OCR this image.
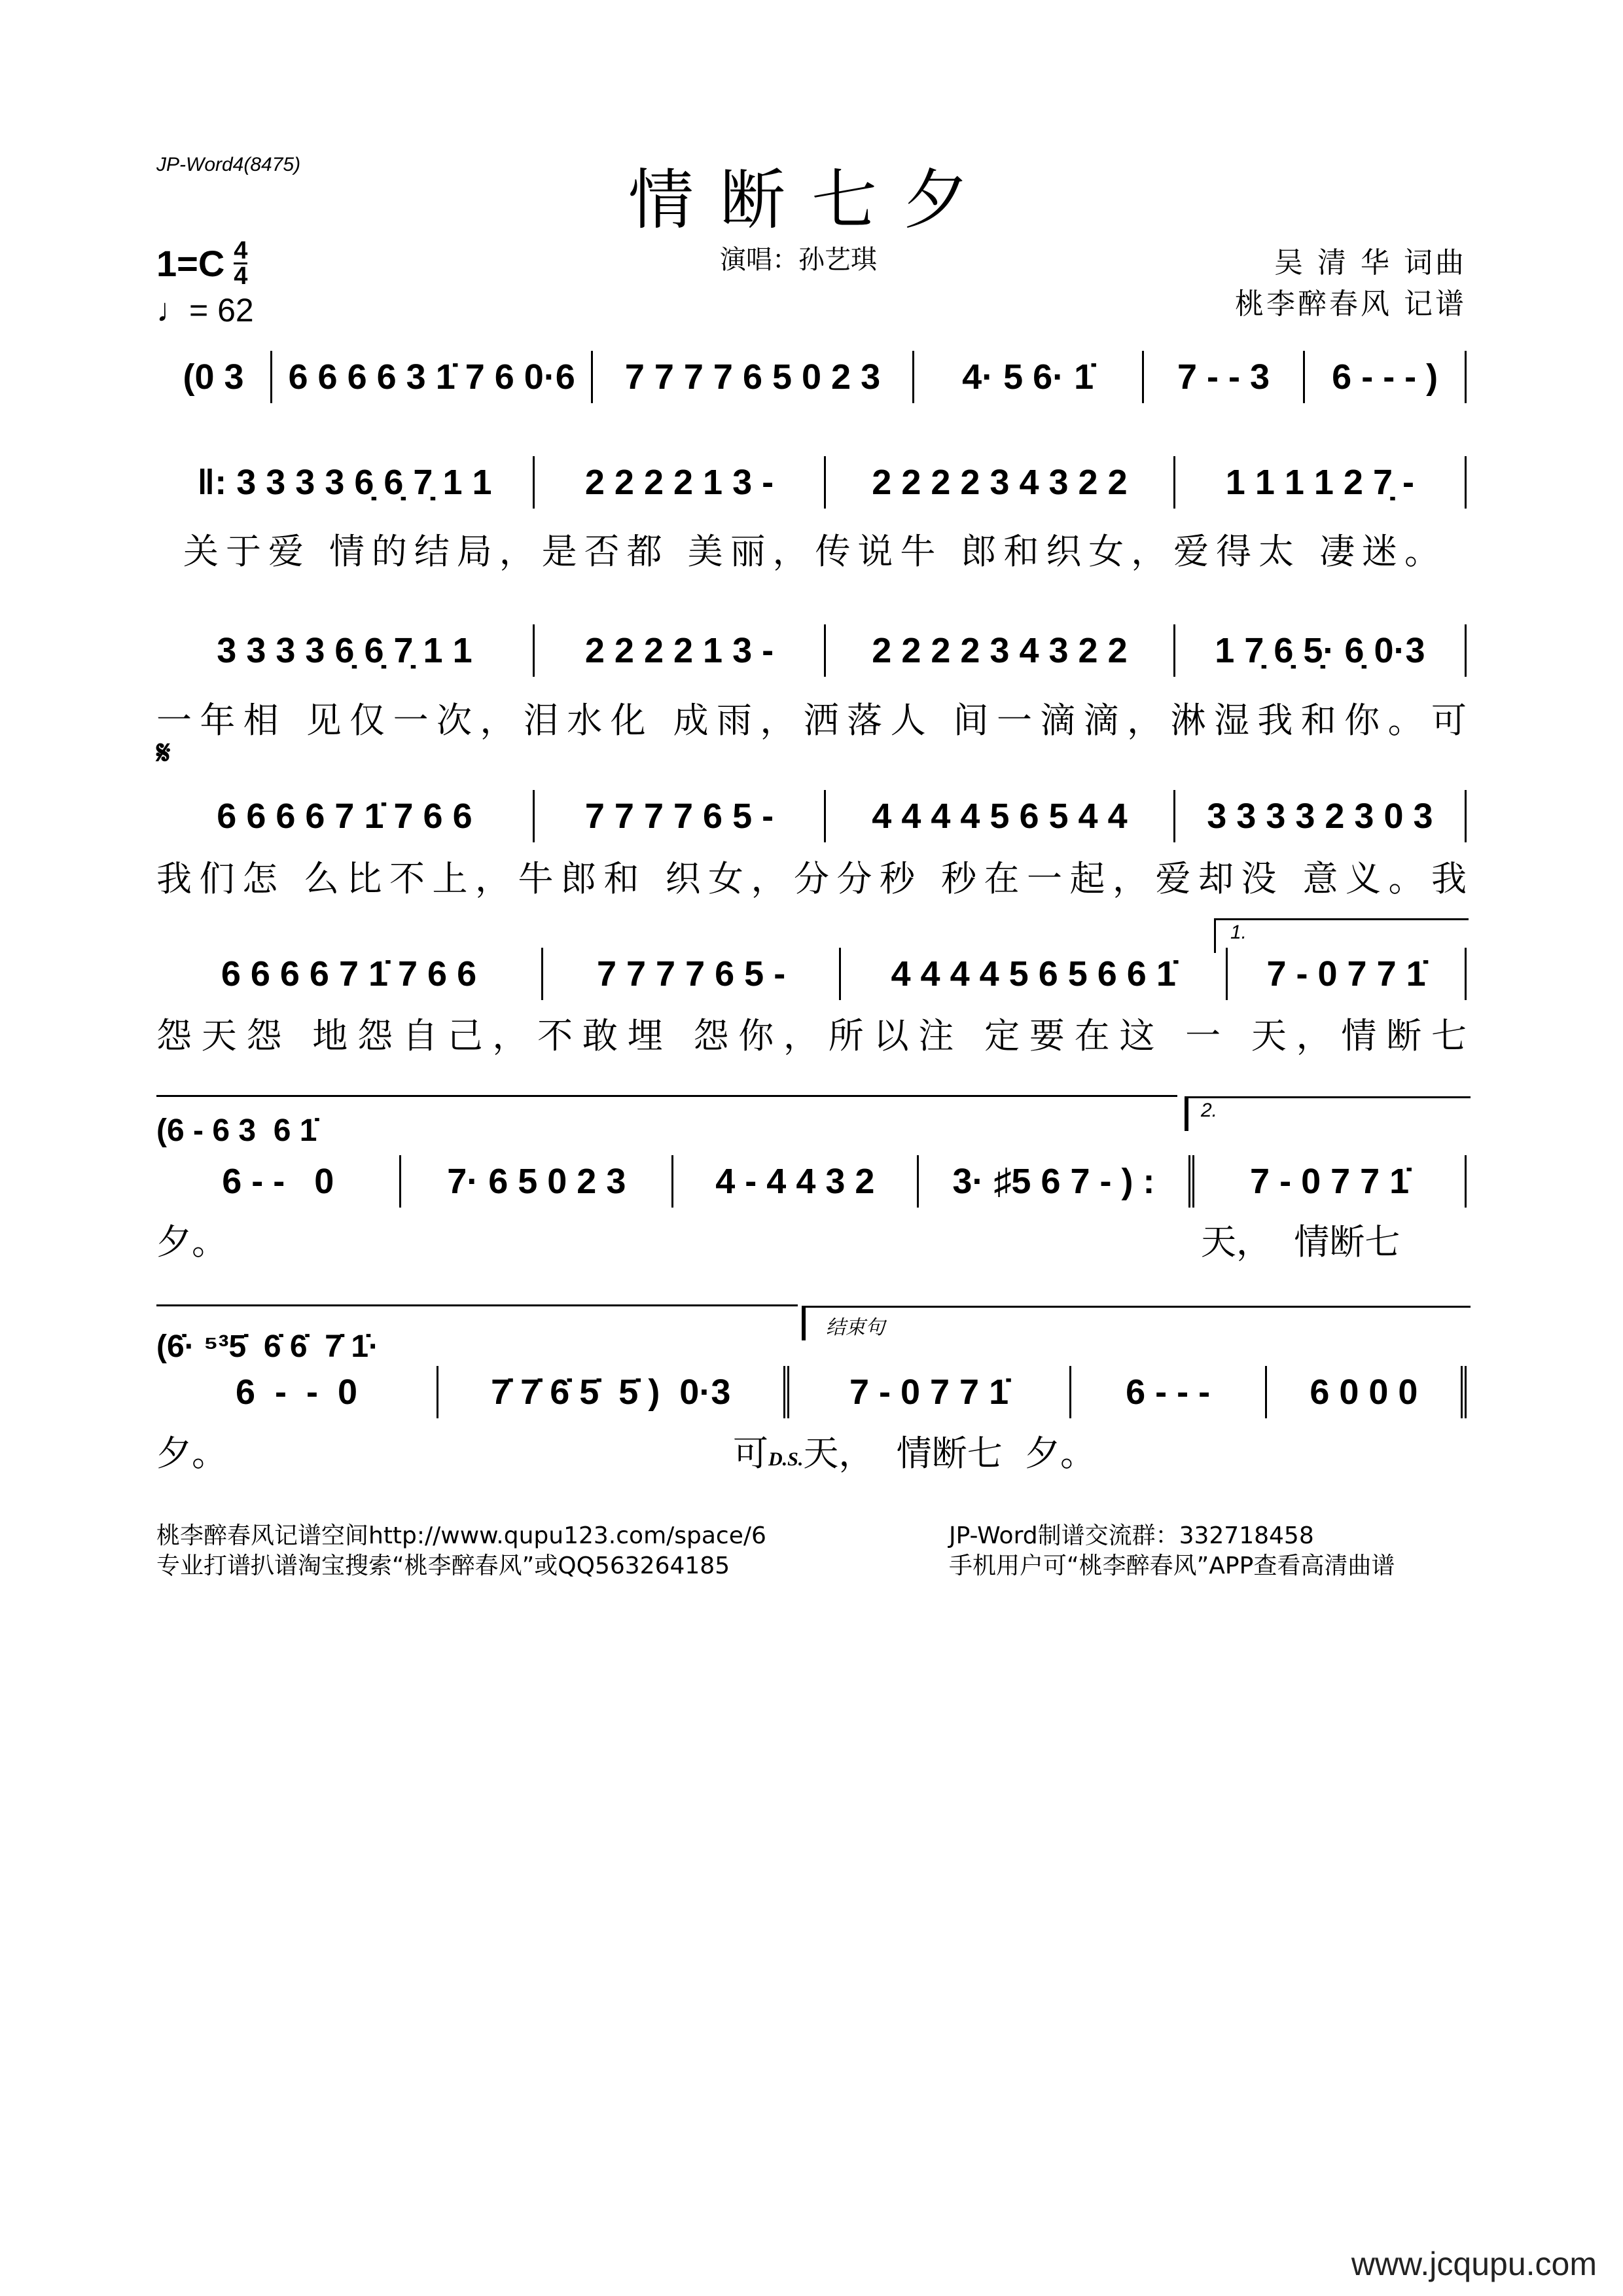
JP-Word4(8475)	情断七夕
$1=C \frac{4}{4}$
♩= 62
演唱：孙艺琪	吴 清 华 词曲
桃李醉春风 记谱
(0 3	6 6 6 6 3 1̇ 7 6 0·6	7 7 7 7 6 5 0 2 3	4· 5 6· 1̇	7 - - 3	6 - - - )
‖: 3 3 3 3 6̣ 6̣ 7̣ 1 1	2 2 2 2 1 3 -	2 2 2 2 3 4 3 2 2	1 1 1 1 2 7̣ -
关于爱 情的结局，是否都 美丽，传说牛 郎和织女，爱得太 凄迷。
3 3 3 3 6̣ 6̣ 7̣ 1 1	2 2 2 2 1 3 -	2 2 2 2 3 4 3 2 2	1 7̣ 6̣ 5̣· 6̣ 0·3
一年相 见仅一次，泪水化 成雨，洒落人 间一滴滴，淋湿我和你。可
𝄋
6 6 6 6 7 1̇ 7 6 6	7 7 7 7 6 5 -	4 4 4 4 5 6 5 4 4	3 3 3 3 2 3 0 3
我们怎 么比不上，牛郎和 织女，分分秒 秒在一起，爱却没 意义。我
1.
6 6 6 6 7 1̇ 7 6 6	7 7 7 7 6 5 -	4 4 4 4 5 6 5 6 6 1̇	7 - 0 7 7 1̇
怨天怨 地怨自己，不敢埋 怨你，所以注 定要在这 一 天，情断七
2.
(6 - 6 3  6 1̇
6 - -   0	7· 6 5 0 2 3	4 - 4 4 3 2	3· ♯5 6 7 - ) :	7 - 0 7 7 1̇
夕。	天，  情断七
结束句
(6̇· ⁵³5̇  6̇ 6̇  7̇ 1̇·
6  -  -  0	7̇ 7̇ 6̇ 5̇  5̇ )  0·3	7 - 0 7 7 1̇	6 - - -	6 0 0 0
夕。	可 D.S. 天，  情断七  夕。
桃李醉春风记谱空间http://www.qupu123.com/space/6
专业打谱扒谱淘宝搜索“桃李醉春风”或QQ563264185
JP-Word制谱交流群：332718458
手机用户可“桃李醉春风”APP查看高清曲谱
www.jcqupu.com
